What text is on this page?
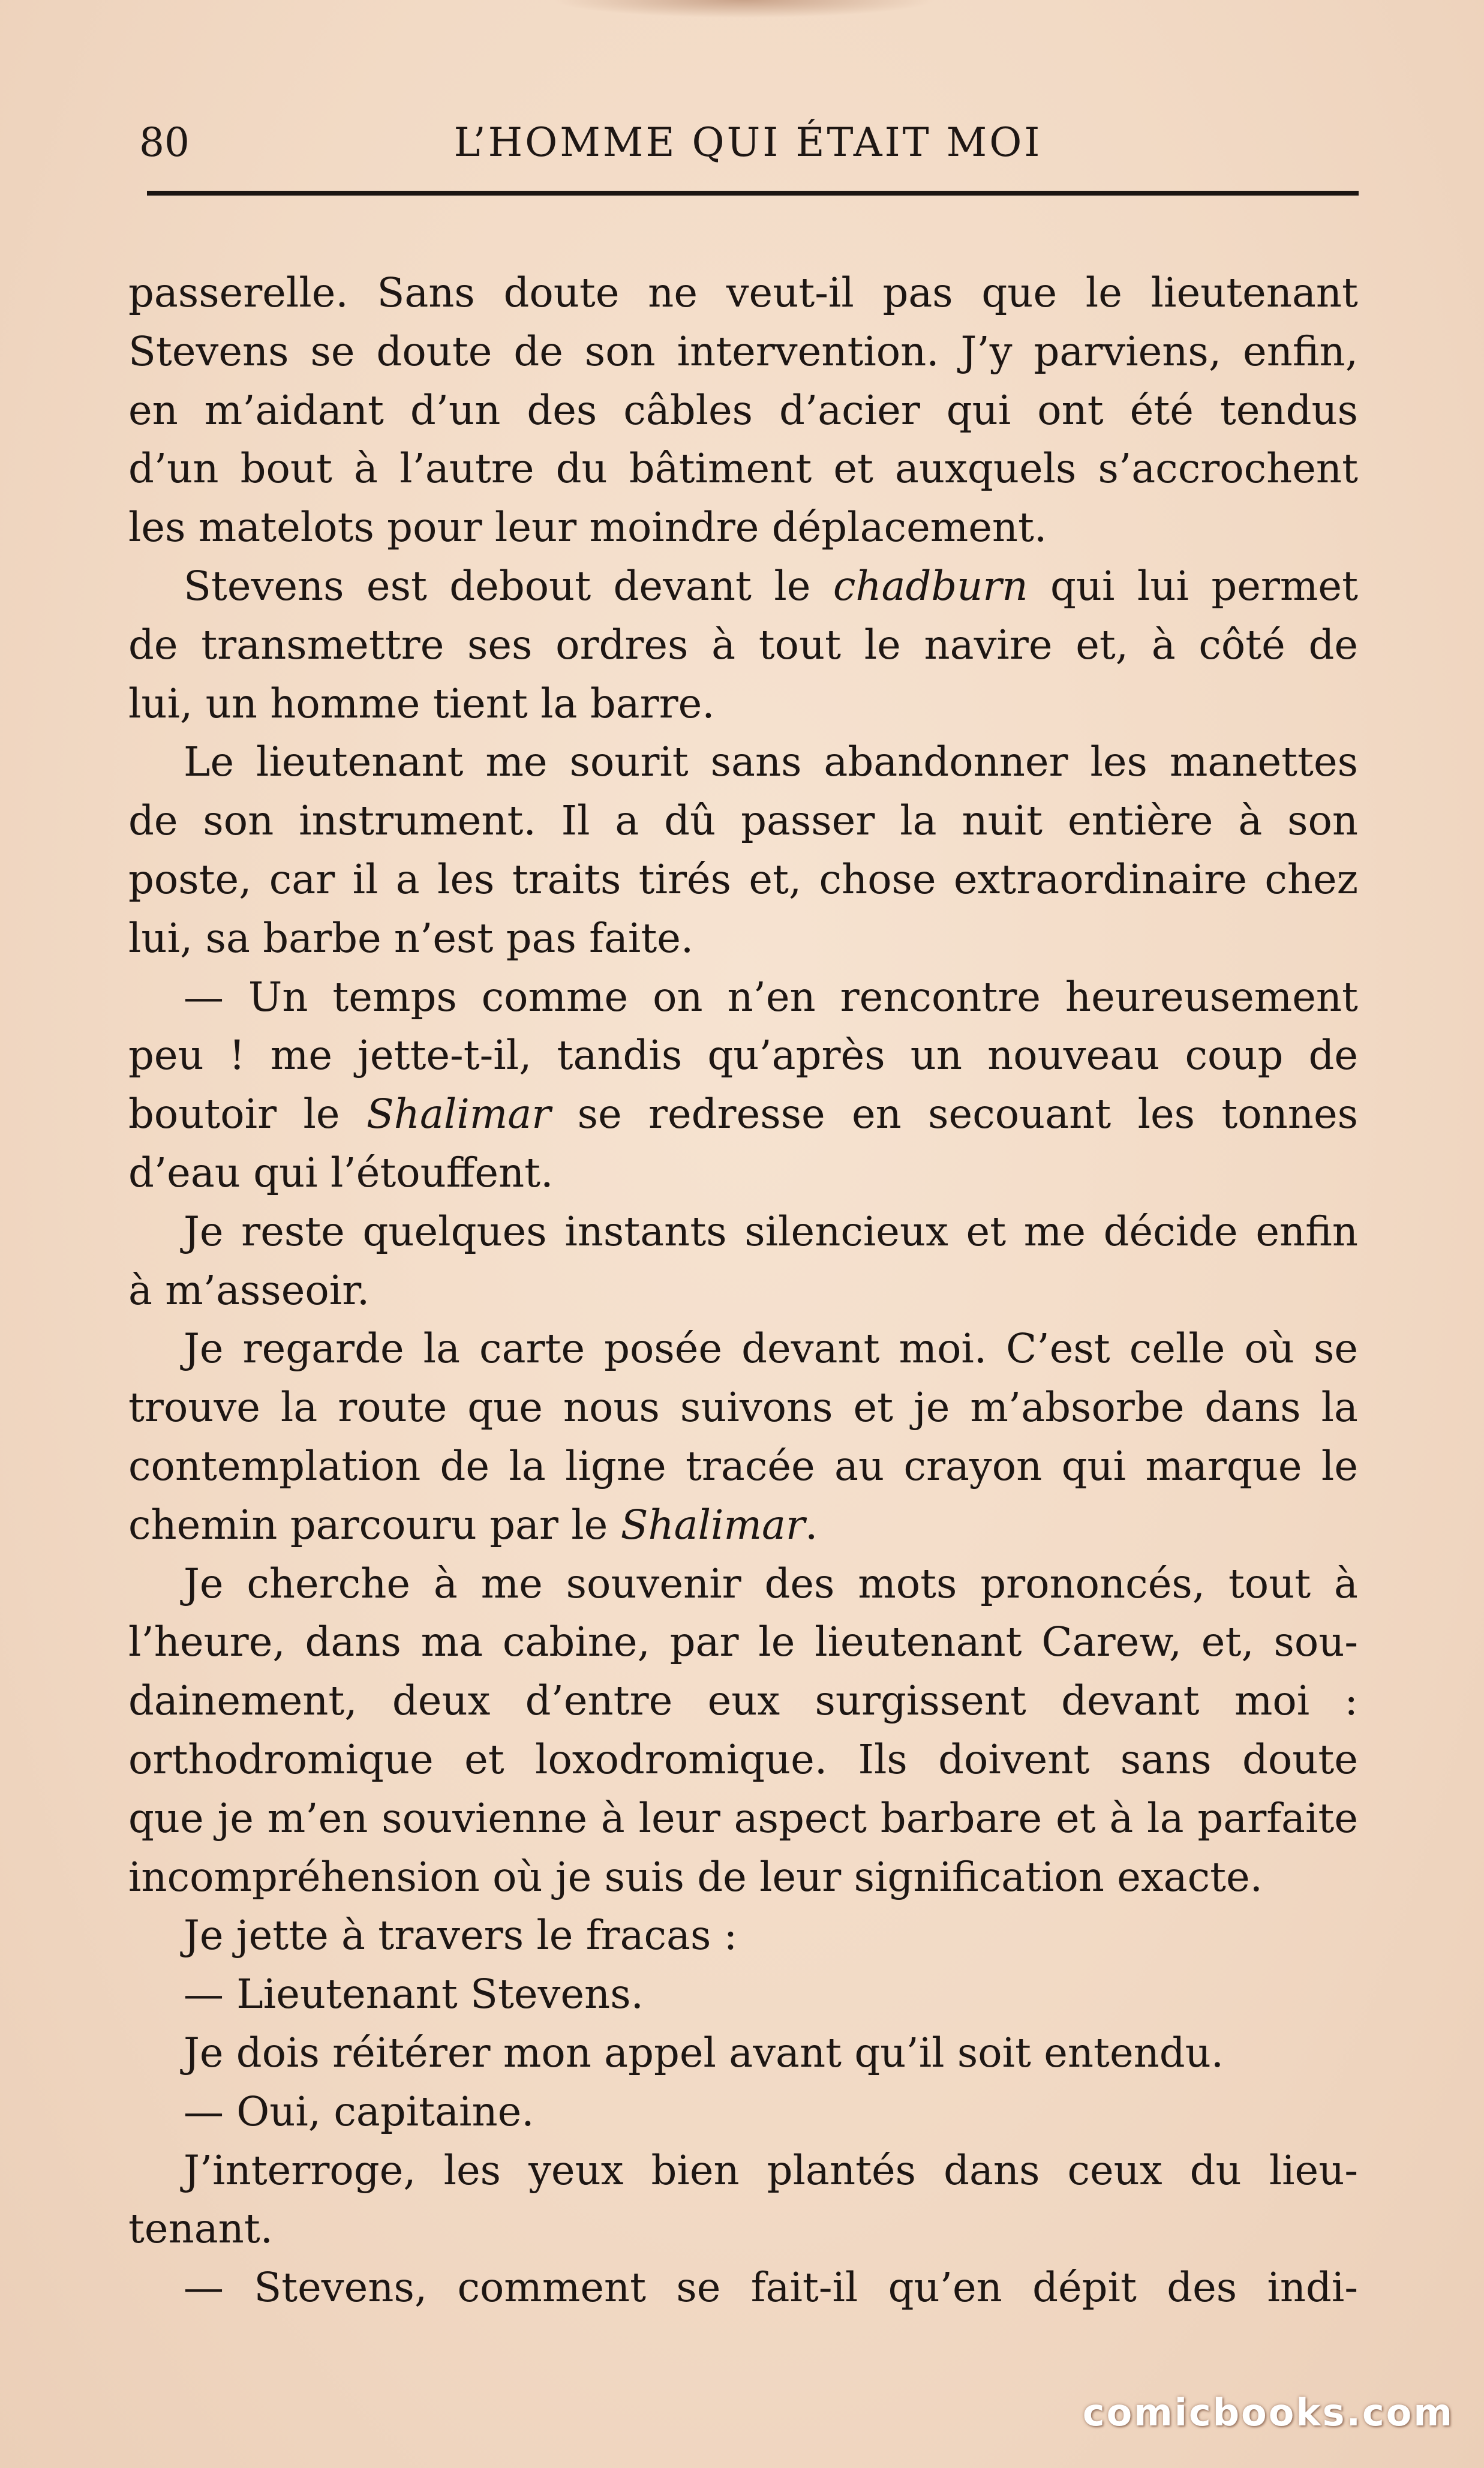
80	L’HOMME QUI ÉTAIT MOI
passerelle. Sans doute ne veut-il pas que le lieutenant
Stevens se doute de son intervention. J’y parviens, enfin,
en m’aidant d’un des câbles d’acier qui ont été tendus
d’un bout à l’autre du bâtiment et auxquels s’accrochent
les matelots pour leur moindre déplacement.
Stevens est debout devant le chadburn qui lui permet
de transmettre ses ordres à tout le navire et, à côté de
lui, un homme tient la barre.
Le lieutenant me sourit sans abandonner les manettes
de son instrument. Il a dû passer la nuit entière à son
poste, car il a les traits tirés et, chose extraordinaire chez
lui, sa barbe n’est pas faite.
— Un temps comme on n’en rencontre heureusement
peu ! me jette-t-il, tandis qu’après un nouveau coup de
boutoir le Shalimar se redresse en secouant les tonnes
d’eau qui l’étouffent.
Je reste quelques instants silencieux et me décide enfin
à m’asseoir.
Je regarde la carte posée devant moi. C’est celle où se
trouve la route que nous suivons et je m’absorbe dans la
contemplation de la ligne tracée au crayon qui marque le
chemin parcouru par le Shalimar.
Je cherche à me souvenir des mots prononcés, tout à
l’heure, dans ma cabine, par le lieutenant Carew, et, sou-
dainement, deux d’entre eux surgissent devant moi :
orthodromique et loxodromique. Ils doivent sans doute
que je m’en souvienne à leur aspect barbare et à la parfaite
incompréhension où je suis de leur signification exacte.
Je jette à travers le fracas :
— Lieutenant Stevens.
Je dois réitérer mon appel avant qu’il soit entendu.
— Oui, capitaine.
J’interroge, les yeux bien plantés dans ceux du lieu-
tenant.
— Stevens, comment se fait-il qu’en dépit des indi-
comicbooks.com
